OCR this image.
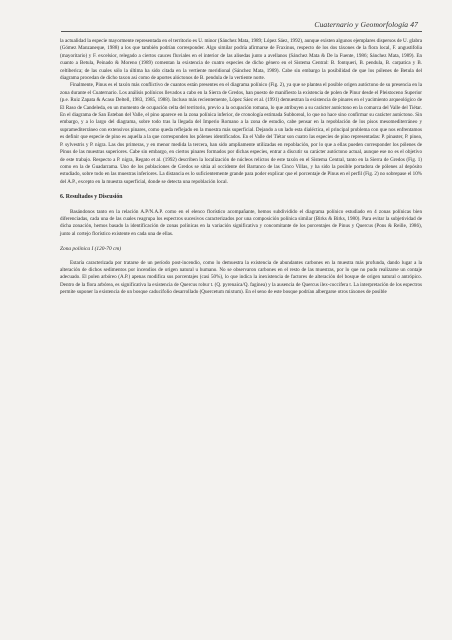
Cuaternario y Geomorfología 47

la actualidad la especie mayormente representada en el territorio es U. minor (Sánchez Mata, 1989; López Sáez, 1992), aunque existen algunos ejemplares dispersos de U. glabra (Gómez Manzaneque, 1988) a los que también podrían corresponder. Algo similar podría afirmarse de Fraxinus, respecto de los dos táxones de la flora local, F. angustifolia (mayoritario) y F. excelsior, relegado a ciertos cauces fluviales en el interior de las alisedas junto a avellanos (Sánchez Mata & De la Fuente, 1986; Sánchez Mata, 1989). En cuanto a Betula, Peinado & Moreno (1989) comentan la existencia de cuatro especies de dicho género en el Sistema Central: B. fontqueri, B. pendula, B. carpatica y B. celtiberica; de las cuales sólo la última ha sido citada en la vertiente meridional (Sánchez Mata, 1989). Cabe sin embargo la posibilidad de que los pólenes de Betula del diagrama procedan de dicho taxon así como de aportes alóctonos de B. pendula de la vertiente norte.

Finalmente, Pinus es el taxón más conflictivo de cuantos están presentes en el diagrama polínico (Fig. 2), ya que se plantea el posible origen autóctono de su presencia en la zona durante el Cuaternario. Los análisis polínicos llevados a cabo en la Sierra de Gredos, han puesto de manifiesto la existencia de polen de Pinur desde el Pleistoceno Superior (p.e. Ruiz Zapata & Acaso Deltell, 1983, 1985, 1988). Incluso más recientemente, López Sáez et al. (1991) demuestran la existencia de pinares en el yacimiento arqueológico de El Raso de Candeleda, en un momento de ocupación celta del territorio, previo a la ocupación romana, lo que atribuyen a su carácter autóctono en la comarca del Valle del Tiétar. En el diagrama de San Esteban del Valle, el pino aparece en la zona polínica inferior, de cronología estimada Subboreal, lo que no hace sino confirmar su carácter autóctono. Sin embargo, y a lo largo del diagrama, sobre todo tras la llegada del Imperio Romano a la zona de estudio, cabe pensar en la repoblación de los pisos mesomediterráneo y supramediterráneo con extensivos pinares, como queda reflejado en la muestra más superficial. Dejando a un lado esta dialéctica, el principal problema con que nos enfrentamos es definir que especie de pino es aquella a la que corresponden los pólenes identificados. En el Valle del Tiétar son cuatro las especies de pino representadas: P. pinaster, P. pinea, P. sylvestris y P. nigra. Las dos primeras, y en menor medida la tercera, han sido ampliamente utilizadas en repoblación, por lo que a ellas pueden corresponder los pólenes de Pinus de las muestras superiores. Cabe sin embargo, en ciertos pinares formados por dichas especies, entrar a discutir su carácter autóctono actual, aunque ese no es el objetivo de este trabajo. Respecto a P. nigra, Regato et al. (1992) describen la localización de núcleos relictos de este taxón en el Sistema Central, tanto en la Sierra de Gredos (Fig. 1) como en la de Guadarrama. Uno de los poblaciones de Gredos se sitúa al occidente del Barranco de las Cinco Villas, y ha sido la posible portadora de pólenes al depósito estudiado, sobre todo en las muestras inferiores. La distancia es lo suficientemente grande para poder explicar que el porcentaje de Pinus en el perfil (Fig. 2) no sobrepase el 10% del A.P., excepto en la muestra superficial, donde se detecta una repoblación local.

6. Resultados y Discusión

Basándonos tanto en la relación A.P/N.A.P. como en el elenco florístico acompañante, hemos subdividido el diagrama polínico estudiado en 4 zonas polínicas bien diferenciadas, cada una de las cuales reagrupa los espectros sucesivos caracterizados por una composición polínica similar (Birks & Birks, 1980). Para evitar la subjetividad de dicha zonación, hemos basado la identificación de zonas polínicas en la variación significativa y concomitante de los porcentajes de Pinus y Quercus (Pons & Reille, 1986), junto al cortejo florístico existente en cada una de ellas.

Zona polínica I (120-70 cm)

Estaría caracterizada por tratarse de un período post-incendio, como lo demuestra la existencia de abundantes carbones en la muestra más profunda, dando lugar a la alteración de dichos sedimentos por incendios de origen natural u humano. No se observaron carbones en el resto de las muestras, por lo que no pudo realizarse un contaje adecuado. El polen arbóreo (A.P.) apenas modifica sus porcentajes (casi 50%), lo que indica la inexistencia de factores de alteración del bosque de origen natural o antrópico. Dentro de la flora arbórea, es significativa la existencia de Quercus robur t. (Q. pyrenaica/Q. faginea) y la ausencia de Quercus ilex-coccifera t. La interpretación de los espectros permite suponer la existencia de un bosque caducifolio desarrollado (Quercetum mixtum). En el seno de este bosque podrían albergarse otros táxones de posible
